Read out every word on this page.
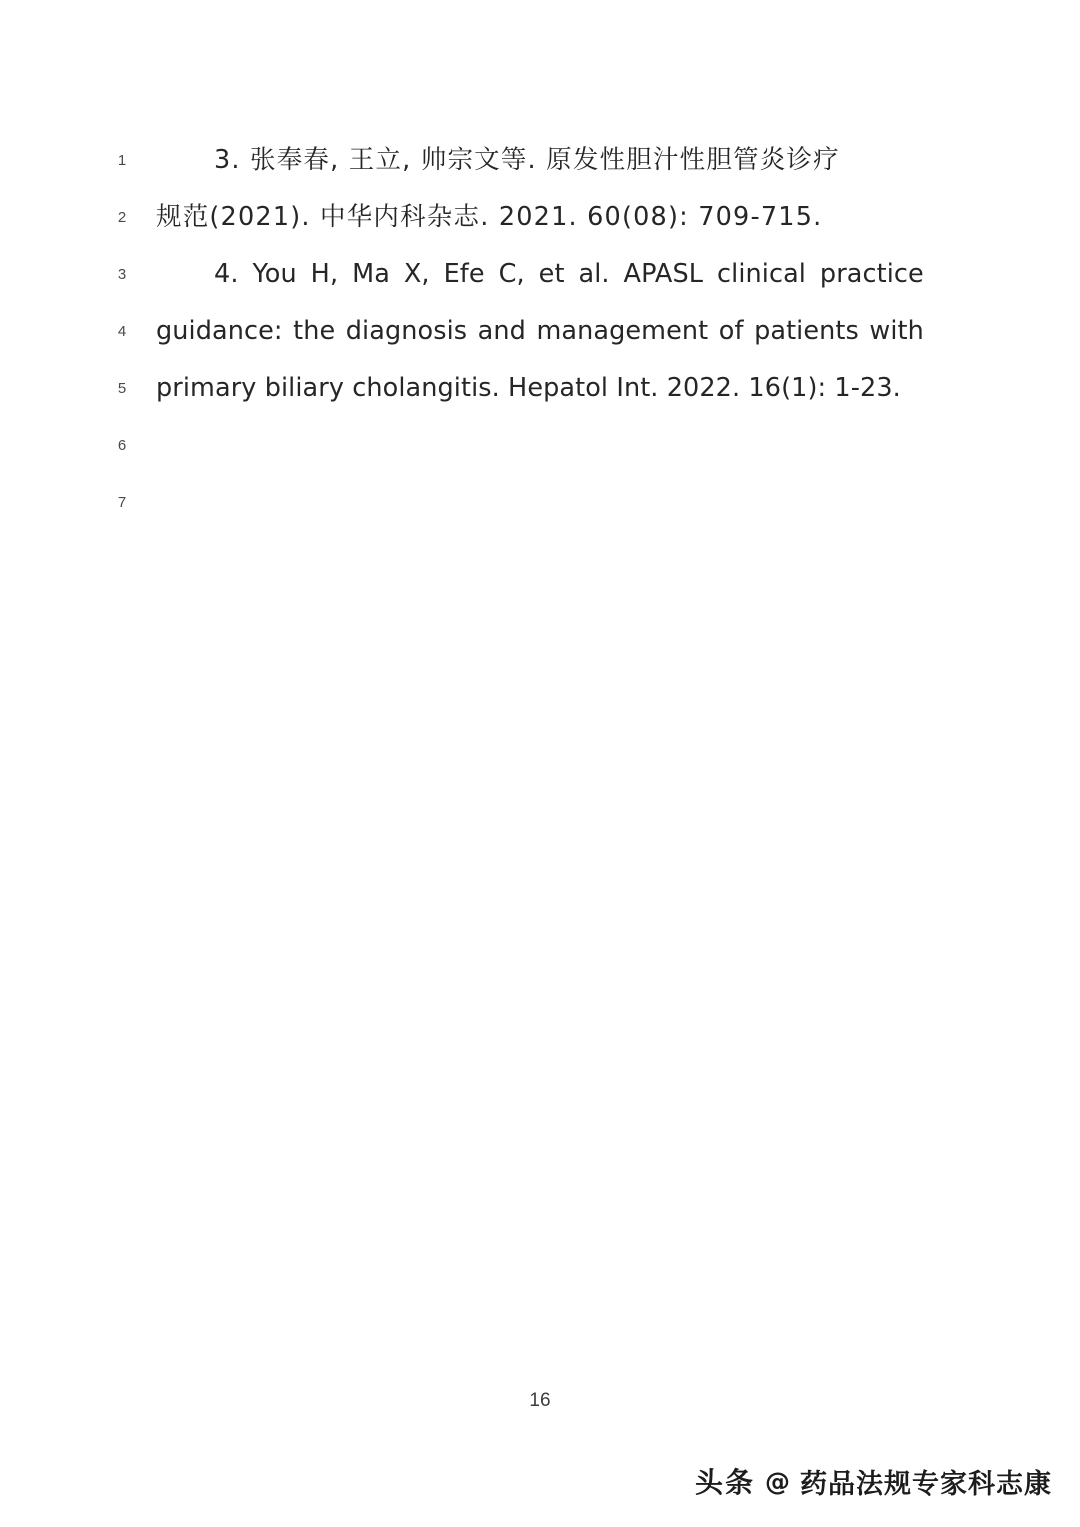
1
2
3
4
5
6
7
3. 张奉春, 王立, 帅宗文等. 原发性胆汁性胆管炎诊疗
规范(2021). 中华内科杂志. 2021. 60(08): 709-715.
4. You H, Ma X, Efe C, et al. APASL clinical practice
guidance: the diagnosis and management of patients with
primary biliary cholangitis. Hepatol Int. 2022. 16(1): 1-23.
16
头条 @ 药品法规专家科志康
